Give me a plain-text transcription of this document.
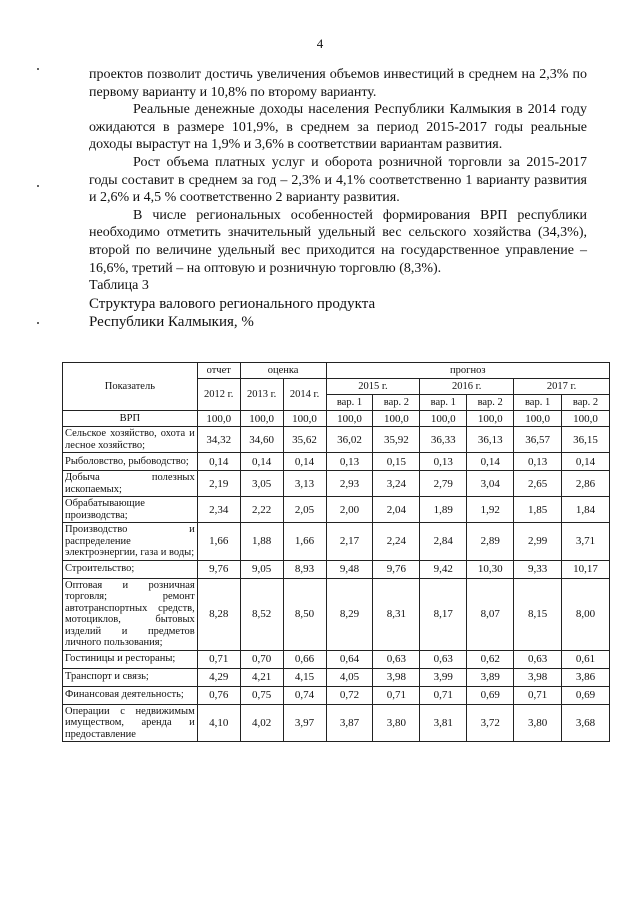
4

проектов позволит достичь увеличения объемов инвестиций в среднем на 2,3% по первому варианту и 10,8% по второму варианту.

Реальные денежные доходы населения Республики Калмыкия в 2014 году ожидаются в размере 101,9%, в среднем за период 2015-2017 годы реальные доходы вырастут на 1,9% и 3,6% в соответствии вариантам развития.

Рост объема платных услуг и оборота розничной торговли за 2015-2017 годы составит в среднем за год – 2,3% и 4,1% соответственно 1 варианту развития и 2,6% и 4,5 % соответственно 2 варианту развития.

В числе региональных особенностей формирования ВРП республики необходимо отметить значительный удельный вес сельского хозяйства (34,3%), второй по величине удельный вес приходится на государственное управление – 16,6%, третий – на оптовую и розничную торговлю (8,3%).

Таблица 3

Структура валового регионального продукта
Республики Калмыкия, %

Показатель	отчет	оценка		прогноз					
	2012 г.	2013 г.	2014 г.	2015 г.		2016 г.		2017 г.	
				вар. 1	вар. 2	вар. 1	вар. 2	вар. 1	вар. 2
ВРП	100,0	100,0	100,0	100,0	100,0	100,0	100,0	100,0	100,0
Сельское хозяйство, охота и лесное хозяйство;	34,32	34,60	35,62	36,02	35,92	36,33	36,13	36,57	36,15
Рыболовство, рыбоводство;	0,14	0,14	0,14	0,13	0,15	0,13	0,14	0,13	0,14
Добыча полезных ископаемых;	2,19	3,05	3,13	2,93	3,24	2,79	3,04	2,65	2,86
Обрабатывающие производства;	2,34	2,22	2,05	2,00	2,04	1,89	1,92	1,85	1,84
Производство и распределение электроэнергии, газа и воды;	1,66	1,88	1,66	2,17	2,24	2,84	2,89	2,99	3,71
Строительство;	9,76	9,05	8,93	9,48	9,76	9,42	10,30	9,33	10,17
Оптовая и розничная торговля; ремонт автотранспортных средств, мотоциклов, бытовых изделий и предметов личного пользования;	8,28	8,52	8,50	8,29	8,31	8,17	8,07	8,15	8,00
Гостиницы и рестораны;	0,71	0,70	0,66	0,64	0,63	0,63	0,62	0,63	0,61
Транспорт и связь;	4,29	4,21	4,15	4,05	3,98	3,99	3,89	3,98	3,86
Финансовая деятельность;	0,76	0,75	0,74	0,72	0,71	0,71	0,69	0,71	0,69
Операции с недвижимым имуществом, аренда и предоставление	4,10	4,02	3,97	3,87	3,80	3,81	3,72	3,80	3,68
